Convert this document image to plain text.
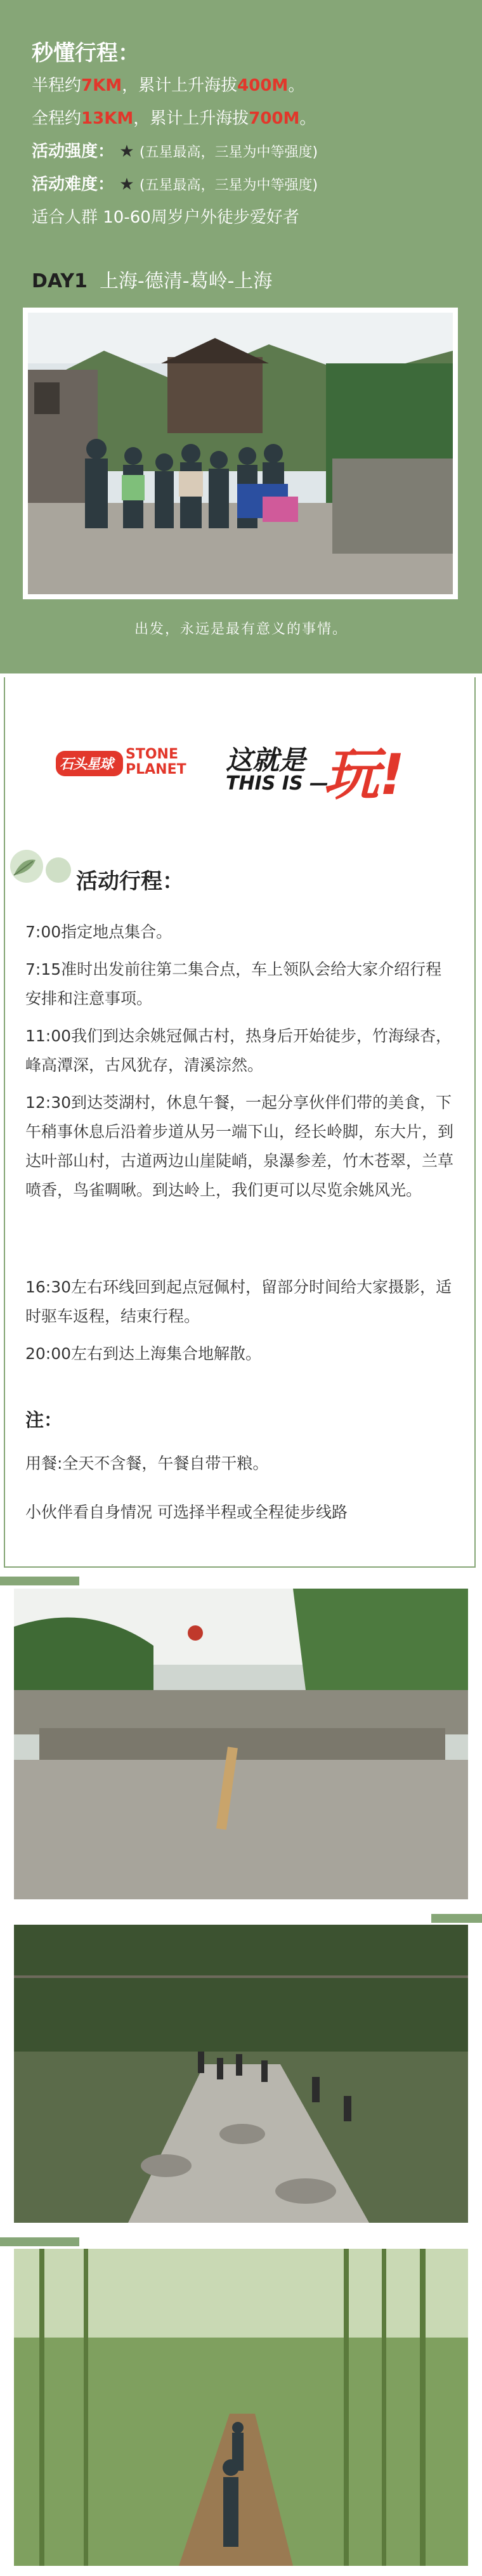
秒懂行程：
半程约7KM，累计上升海拔400M。
全程约13KM，累计上升海拔700M。
活动强度： ★ (五星最高，三星为中等强度)
活动难度： ★ (五星最高，三星为中等强度)
适合人群 10-60周岁户外徒步爱好者
DAY1 上海-德清-葛岭-上海
出发，永远是最有意义的事情。
石头星球
STONE
PLANET 这就是
THIS IS —
玩!
活动行程：
7:00指定地点集合。
7:15准时出发前往第二集合点，车上领队会给大家介绍行程安排和注意事项。
11:00我们到达余姚冠佩古村，热身后开始徒步，竹海绿杏，峰高潭深，古风犹存，清溪淙然。
12:30到达茭湖村，休息午餐，一起分享伙伴们带的美食，下午稍事休息后沿着步道从另一端下山，经长岭脚，东大片，到达叶部山村，古道两边山崖陡峭，泉瀑参差，竹木苍翠，兰草喷香，鸟雀啁啾。到达岭上，我们更可以尽览余姚风光。
16:30左右环线回到起点冠佩村，留部分时间给大家摄影，适时驱车返程，结束行程。
20:00左右到达上海集合地解散。
注：
用餐:全天不含餐，午餐自带干粮。
小伙伴看自身情况 可选择半程或全程徒步线路
